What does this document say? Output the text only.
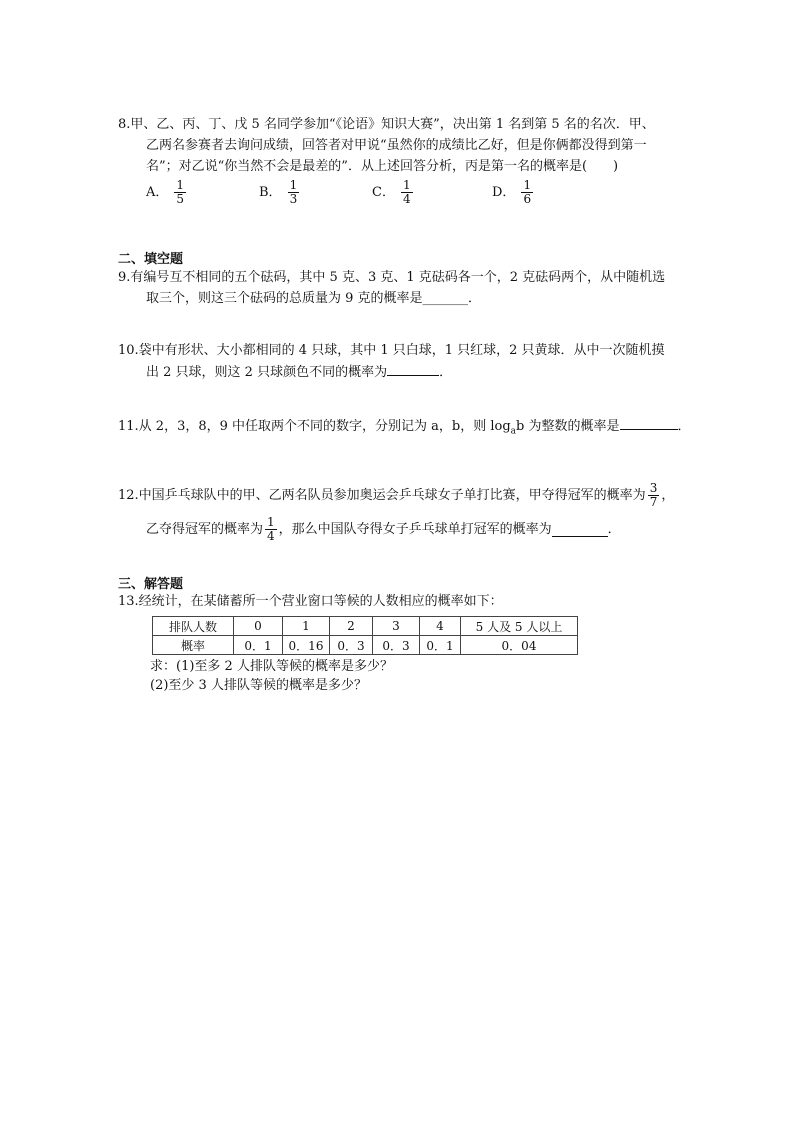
8.甲、乙、丙、丁、戊 5 名同学参加“《论语》知识大赛”，决出第 1 名到第 5 名的名次．甲、
乙两名参赛者去询问成绩，回答者对甲说“虽然你的成绩比乙好，但是你俩都没得到第一
名”；对乙说“你当然不会是最差的”．从上述回答分析，丙是第一名的概率是(　　)
A． $\frac{1}{5}$	B． $\frac{1}{3}$	C． $\frac{1}{4}$	D． $\frac{1}{6}$
二、填空题
9.有编号互不相同的五个砝码，其中 5 克、3 克、1 克砝码各一个，2 克砝码两个，从中随机选
取三个，则这三个砝码的总质量为 9 克的概率是_______．
10.袋中有形状、大小都相同的 4 只球，其中 1 只白球，1 只红球，2 只黄球．从中一次随机摸
出 2 只球，则这 2 只球颜色不同的概率为	．
11.从 2，3，8，9 中任取两个不同的数字，分别记为 a，b，则 $\log_ab$ 为整数的概率是	．
12.中国乒乓球队中的甲、乙两名队员参加奥运会乒乓球女子单打比赛，甲夺得冠军的概率为 $\frac{3}{7}$ ，
乙夺得冠军的概率为 $\frac{1}{4}$ ，那么中国队夺得女子乒乓球单打冠军的概率为	．
三、解答题
13.经统计，在某储蓄所一个营业窗口等候的人数相应的概率如下：
排队人数	0	1	2	3	4	5 人及 5 人以上
概率	0．1	0．16	0．3	0．3	0．1	0．04
求：(1)至多 2 人排队等候的概率是多少？
(2)至少 3 人排队等候的概率是多少？
